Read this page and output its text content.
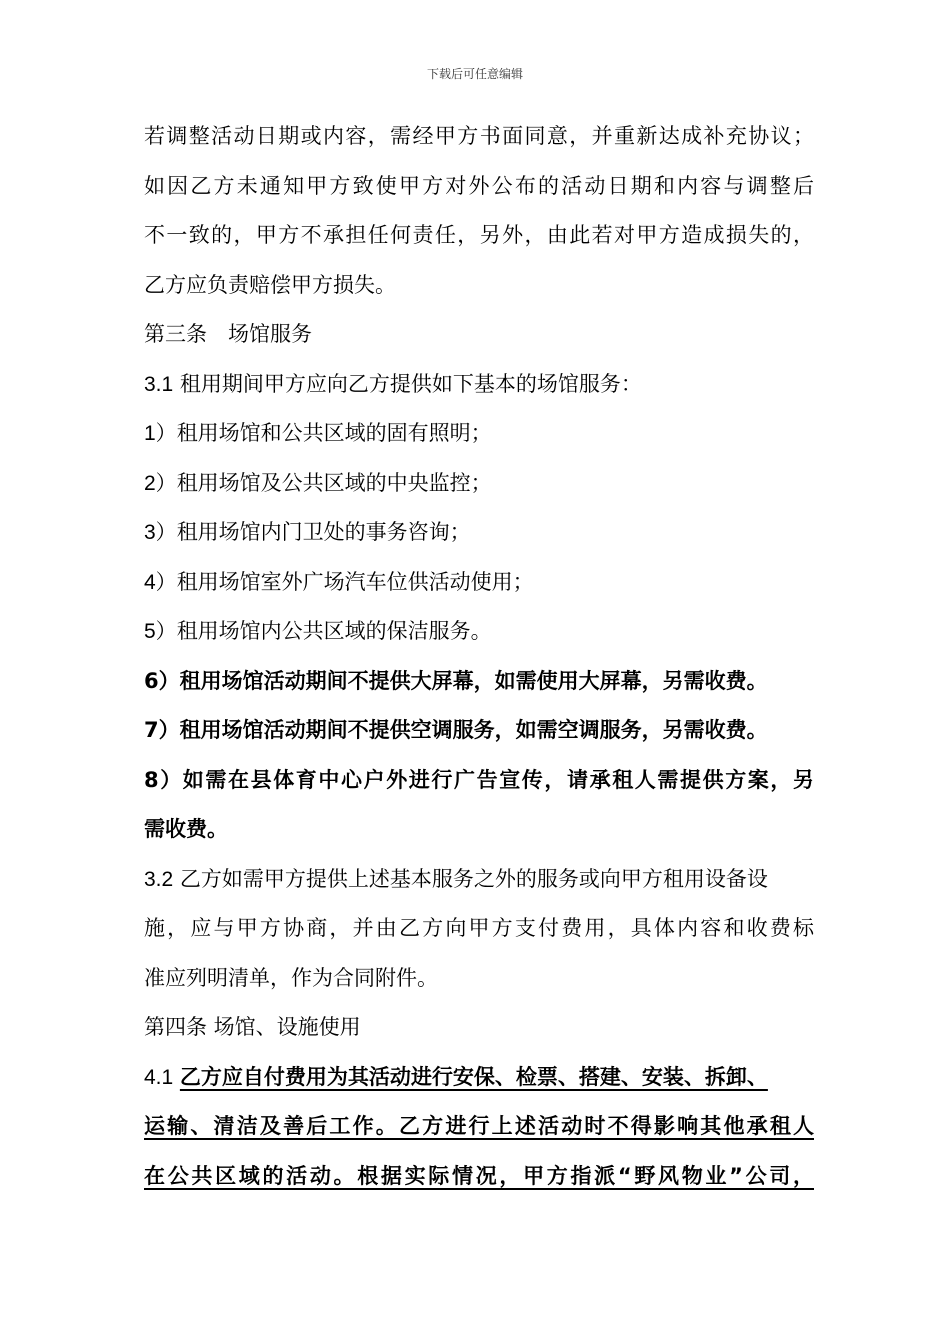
下载后可任意编辑
若调整活动日期或内容，需经甲方书面同意，并重新达成补充协议；
如因乙方未通知甲方致使甲方对外公布的活动日期和内容与调整后
不一致的，甲方不承担任何责任，另外，由此若对甲方造成损失的，
乙方应负责赔偿甲方损失。
第三条　场馆服务
3.1 租用期间甲方应向乙方提供如下基本的场馆服务：
1）租用场馆和公共区域的固有照明；
2）租用场馆及公共区域的中央监控；
3）租用场馆内门卫处的事务咨询；
4）租用场馆室外广场汽车位供活动使用；
5）租用场馆内公共区域的保洁服务。
6）租用场馆活动期间不提供大屏幕，如需使用大屏幕，另需收费。
7）租用场馆活动期间不提供空调服务，如需空调服务，另需收费。
8）如需在县体育中心户外进行广告宣传，请承租人需提供方案，另
需收费。
3.2 乙方如需甲方提供上述基本服务之外的服务或向甲方租用设备设
施，应与甲方协商，并由乙方向甲方支付费用，具体内容和收费标
准应列明清单，作为合同附件。
第四条 场馆、设施使用
4.1 乙方应自付费用为其活动进行安保、检票、搭建、安装、拆卸、
运输、清洁及善后工作。乙方进行上述活动时不得影响其他承租人
在公共区域的活动。根据实际情况，甲方指派“野风物业”公司，
